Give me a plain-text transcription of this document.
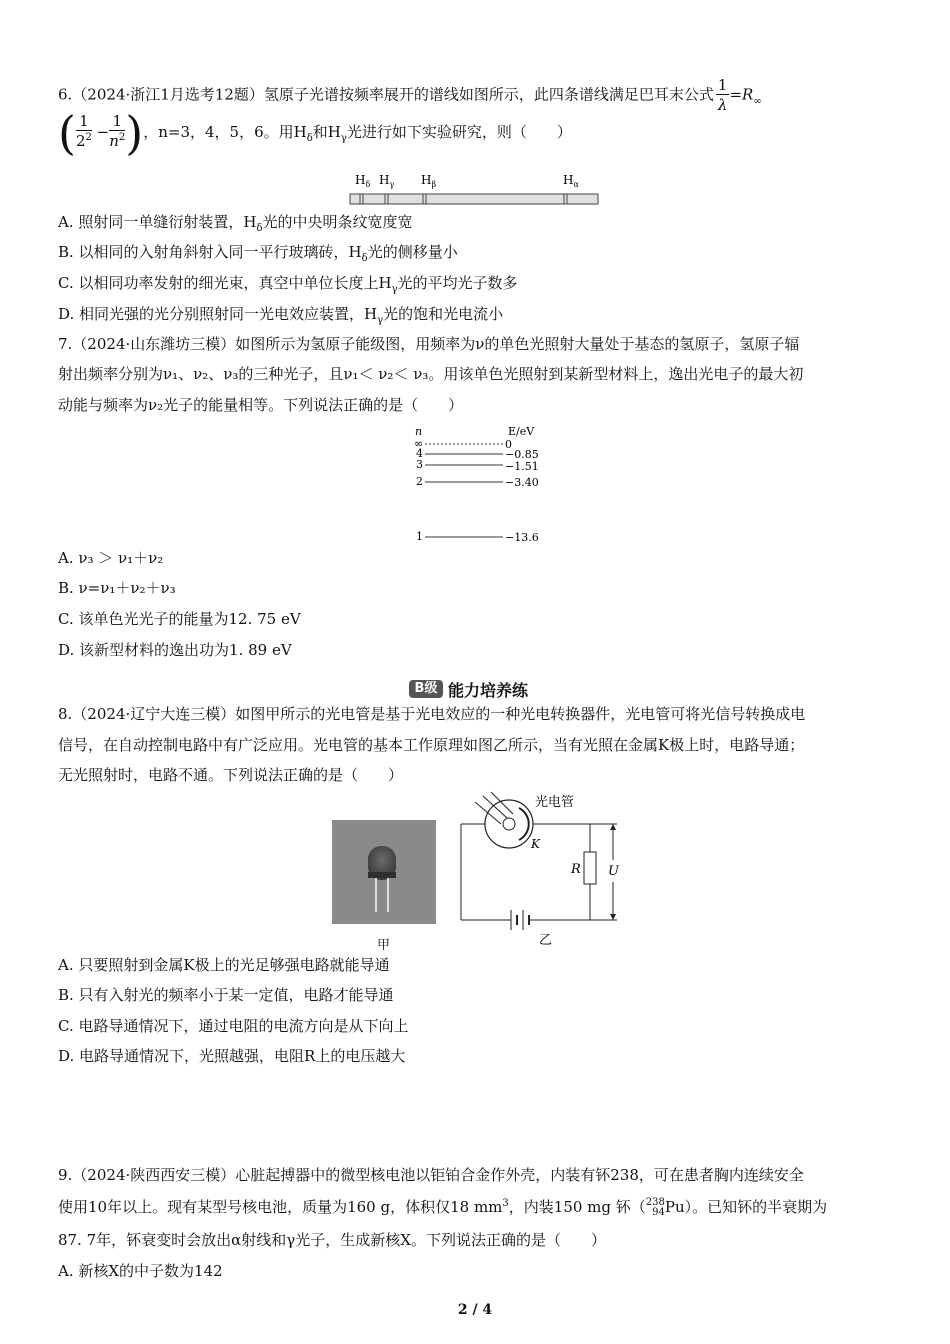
6.（2024·浙江1月选考12题）氢原子光谱按频率展开的谱线如图所示，此四条谱线满足巴耳末公式 $\frac{1}{\lambda} =R_\infty$
( $\frac{1}{2^2} - \frac{1}{n^2}$ )，n=3，4，5，6。用$H_\delta$和$H_\gamma$光进行如下实验研究，则（　　）
$H_\delta$ $H_\gamma$ $H_\beta$	$H_\alpha$
A. 照射同一单缝衍射装置，$H_\delta$光的中央明条纹宽度宽
B. 以相同的入射角斜射入同一平行玻璃砖，$H_\delta$光的侧移量小
C. 以相同功率发射的细光束，真空中单位长度上$H_\gamma$光的平均光子数多
D. 相同光强的光分别照射同一光电效应装置，$H_\gamma$光的饱和光电流小
7.（2024·山东潍坊三模）如图所示为氢原子能级图，用频率为ν的单色光照射大量处于基态的氢原子，氢原子辐
射出频率分别为ν₁、ν₂、ν₃的三种光子，且ν₁＜ ν₂＜ ν₃。用该单色光照射到某新型材料上，逸出光电子的最大初
动能与频率为ν₂光子的能量相等。下列说法正确的是（　　）
n	E/eV
∞	0
4	−0.85
3	−1.51
2	−3.40
1	−13.6
A. ν₃ ＞ ν₁＋ν₂
B. ν=ν₁＋ν₂＋ν₃
C. 该单色光光子的能量为12. 75 eV
D. 该新型材料的逸出功为1. 89 eV
B级 能力培养练
8.（2024·辽宁大连三模）如图甲所示的光电管是基于光电效应的一种光电转换器件，光电管可将光信号转换成电
信号，在自动控制电路中有广泛应用。光电管的基本工作原理如图乙所示，当有光照在金属K极上时，电路导通；
无光照射时，电路不通。下列说法正确的是（　　）
甲
光电管
K
R U
乙
A. 只要照射到金属K极上的光足够强电路就能导通
B. 只有入射光的频率小于某一定值，电路才能导通
C. 电路导通情况下，通过电阻的电流方向是从下向上
D. 电路导通情况下，光照越强，电阻R上的电压越大
9.（2024·陕西西安三模）心脏起搏器中的微型核电池以钜铂合金作外壳，内装有钚238，可在患者胸内连续安全
使用10年以上。现有某型号核电池，质量为160 g，体积仅18 $mm^3$，内装150 mg 钚（ 238
94 Pu）。已知钚的半衰期为
87. 7年，钚衰变时会放出α射线和γ光子，生成新核X。下列说法正确的是（　　）
A. 新核X的中子数为142
2 / 4
